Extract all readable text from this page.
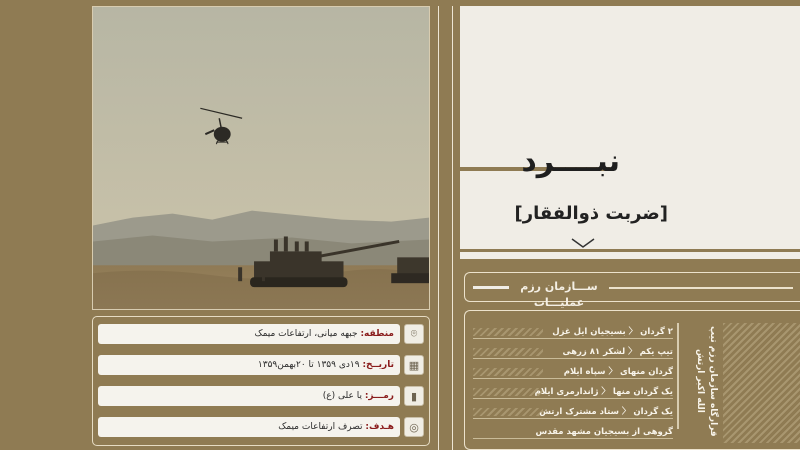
⌾
منطقه: جبهه میانی، ارتفاعات میمک
▦
تاریــخ: ۱۹دی ۱۳۵۹ تا ۲۰بهمن۱۳۵۹
▮
رمـــز: یا علی (ع)
◎
هـدف: تصرف ارتفاعات میمک
نبــــرد
[ضربت ذوالفقار]
ســـازمان رزم عملیـــات
۲ گردان 〈 بسیجیان ایل غزل
تیپ یکم 〈 لشکر ۸۱ زرهی
گردان منهای 〈 سپاه ایلام
یک گردان منها 〈 ژاندارمری ایلام
یک گردان 〈 ستاد مشترک ارتش
گروهی از بسیجیان مشهد مقدس	قرارگاه سازمان رزم تیپ الله اکبر ارتش
